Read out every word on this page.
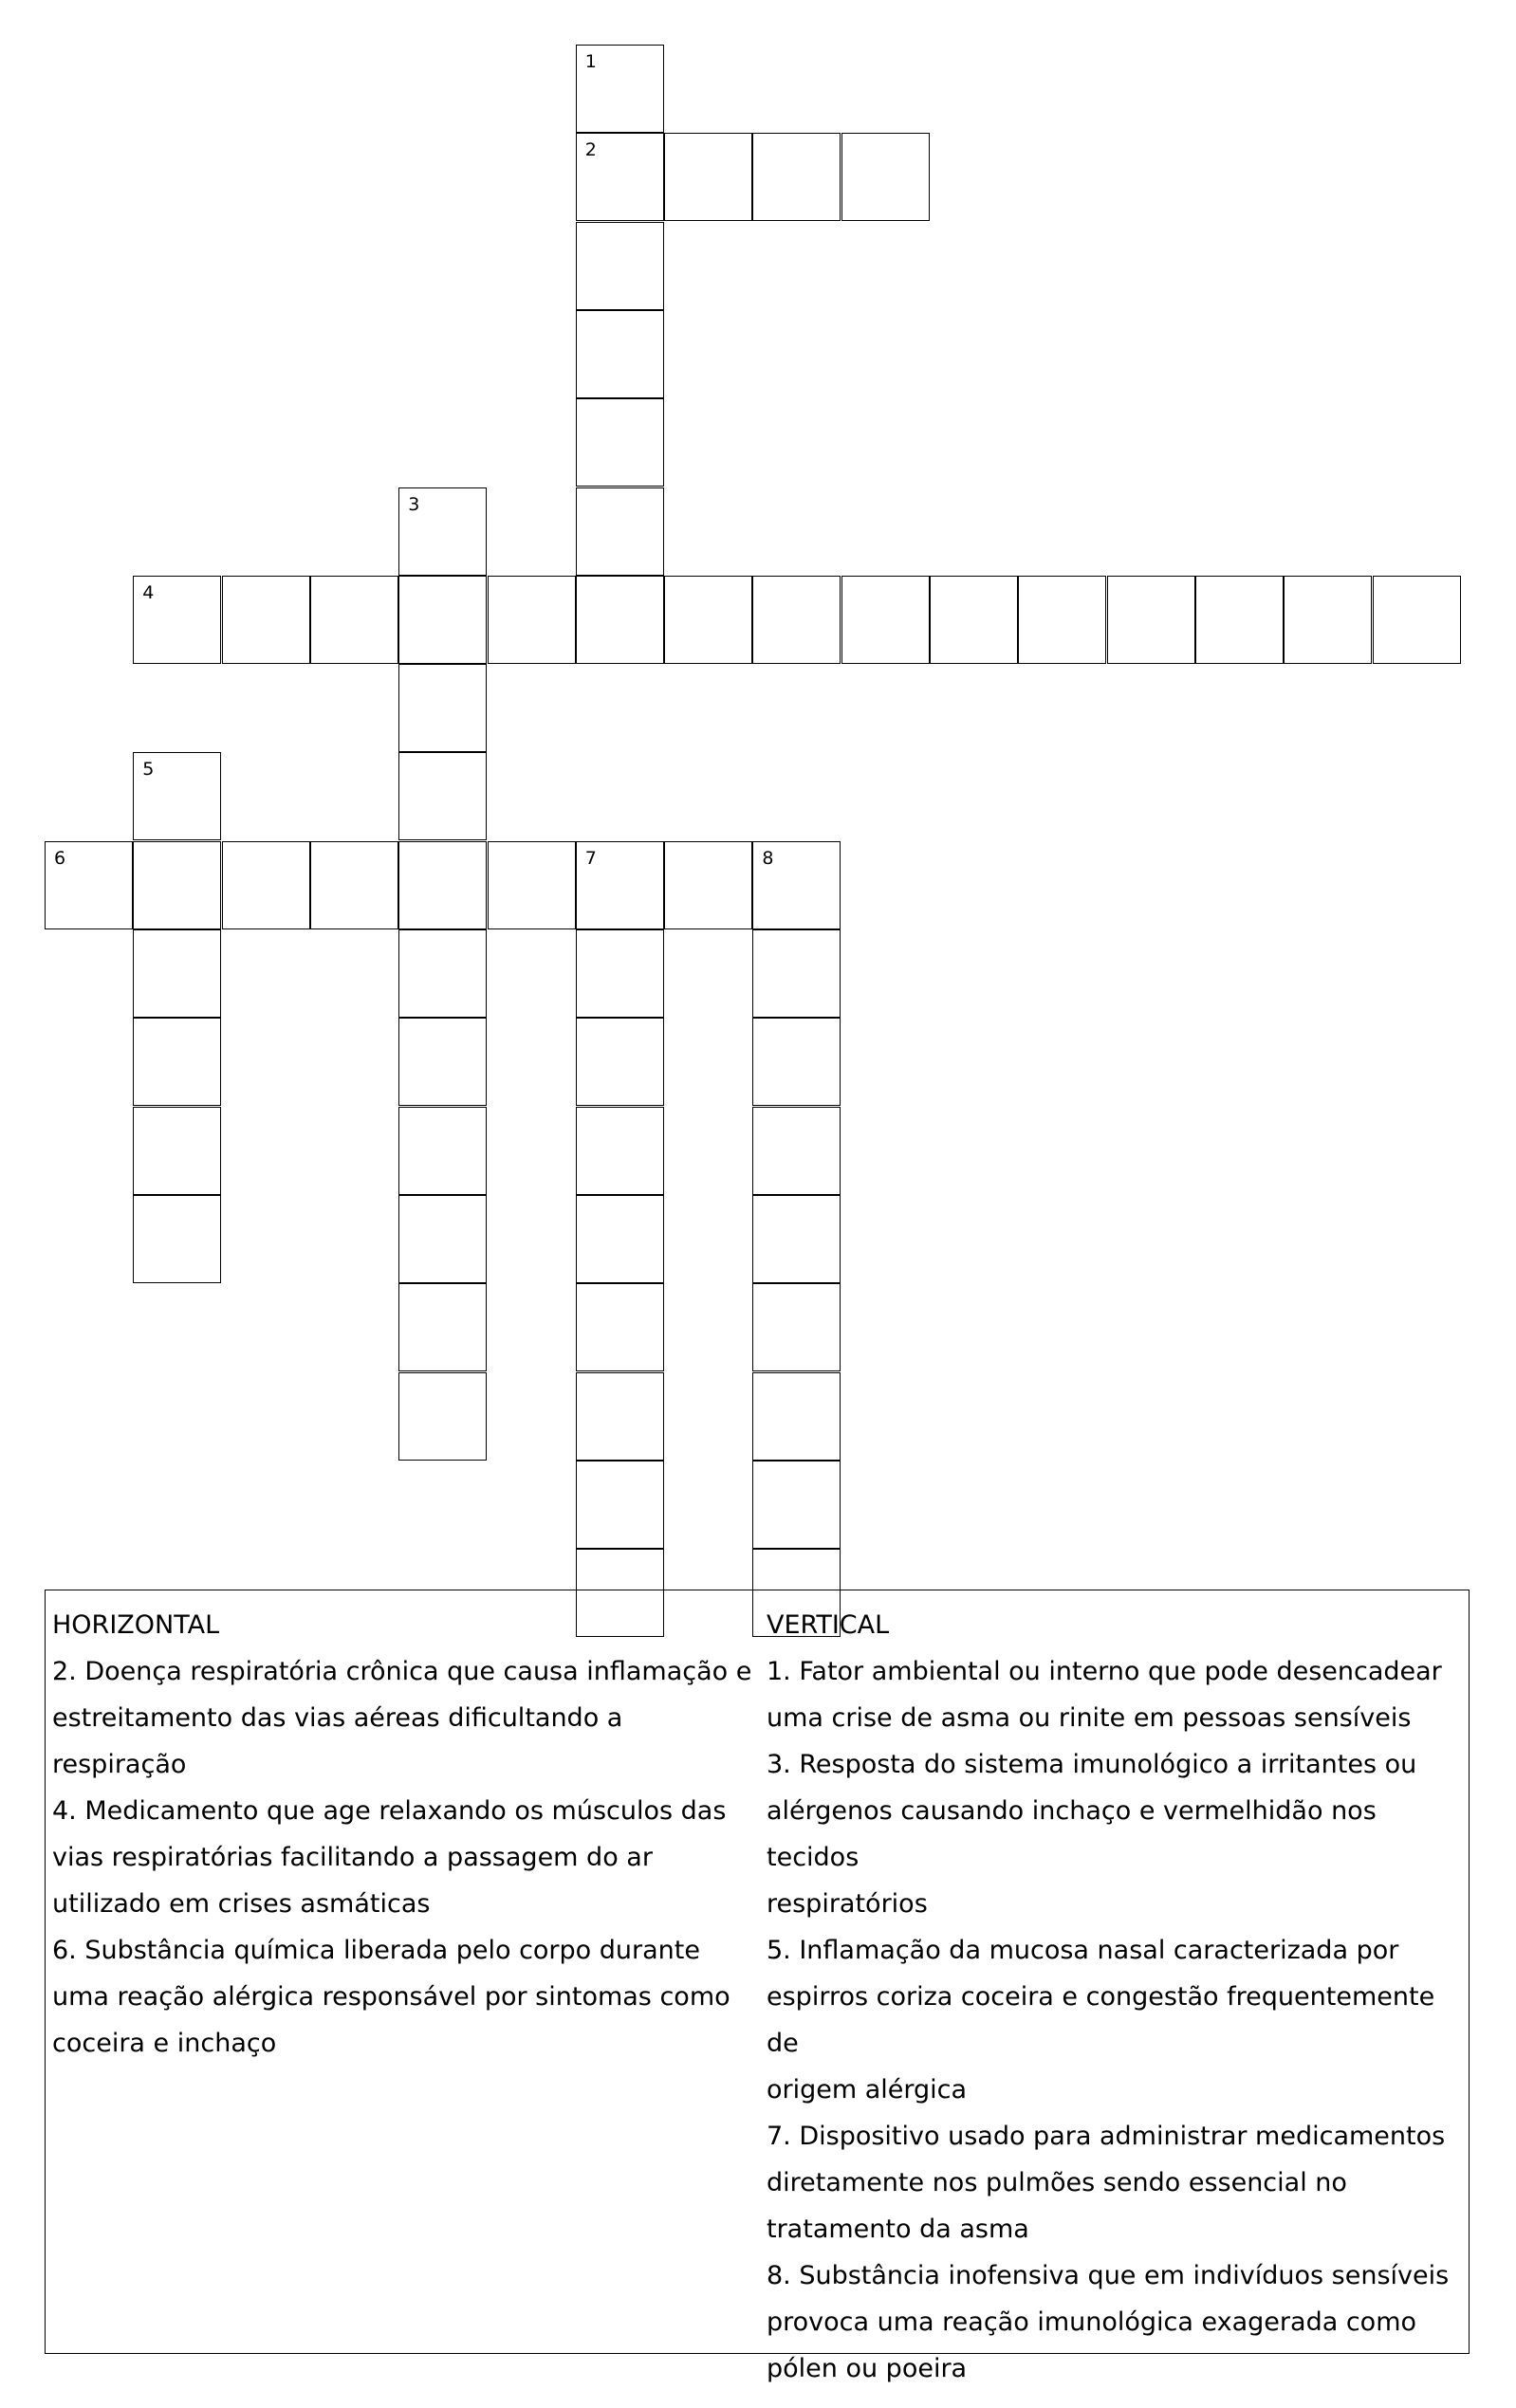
1
2
3
4
5
6	7	8
HORIZONTAL
2. Doença respiratória crônica que causa inflamação e
estreitamento das vias aéreas dificultando a
respiração
4. Medicamento que age relaxando os músculos das
vias respiratórias facilitando a passagem do ar
utilizado em crises asmáticas
6. Substância química liberada pelo corpo durante
uma reação alérgica responsável por sintomas como
coceira e inchaço
VERTICAL
1. Fator ambiental ou interno que pode desencadear
uma crise de asma ou rinite em pessoas sensíveis
3. Resposta do sistema imunológico a irritantes ou
alérgenos causando inchaço e vermelhidão nos tecidos
respiratórios
5. Inflamação da mucosa nasal caracterizada por
espirros coriza coceira e congestão frequentemente de
origem alérgica
7. Dispositivo usado para administrar medicamentos
diretamente nos pulmões sendo essencial no
tratamento da asma
8. Substância inofensiva que em indivíduos sensíveis
provoca uma reação imunológica exagerada como
pólen ou poeira
